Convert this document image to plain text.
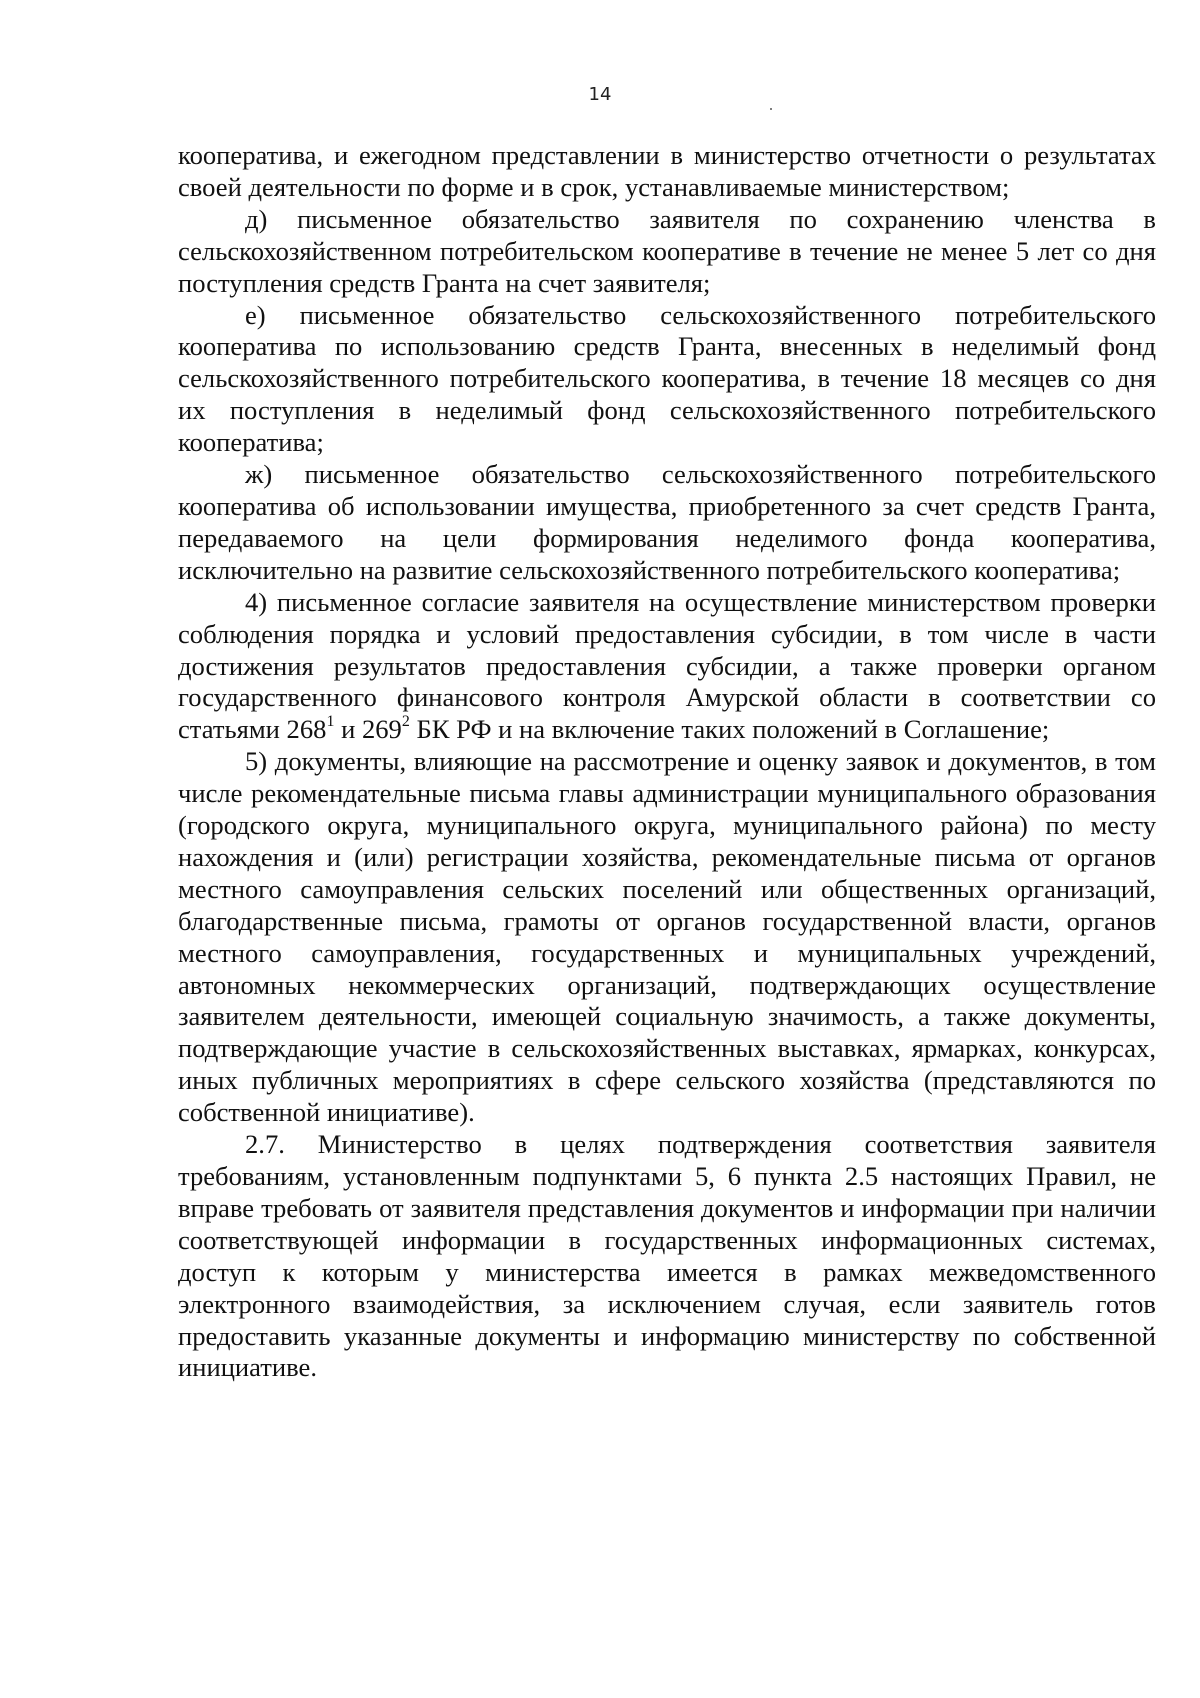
14

кооператива, и ежегодном представлении в министерство отчетности о результатах своей деятельности по форме и в срок, устанавливаемые министерством;

д) письменное обязательство заявителя по сохранению членства в сельскохозяйственном потребительском кооперативе в течение не менее 5 лет со дня поступления средств Гранта на счет заявителя;

е) письменное обязательство сельскохозяйственного потребительского кооператива по использованию средств Гранта, внесенных в неделимый фонд сельскохозяйственного потребительского кооператива, в течение 18 месяцев со дня их поступления в неделимый фонд сельскохозяйственного потребительского кооператива;

ж) письменное обязательство сельскохозяйственного потребительского кооператива об использовании имущества, приобретенного за счет средств Гранта, передаваемого на цели формирования неделимого фонда кооператива, исключительно на развитие сельскохозяйственного потребительского кооператива;

4) письменное согласие заявителя на осуществление министерством проверки соблюдения порядка и условий предоставления субсидии, в том числе в части достижения результатов предоставления субсидии, а также проверки органом государственного финансового контроля Амурской области в соответствии со статьями $268^1$ и $269^2$ БК РФ и на включение таких положений в Соглашение;

5) документы, влияющие на рассмотрение и оценку заявок и документов, в том числе рекомендательные письма главы администрации муниципального образования (городского округа, муниципального округа, муниципального района) по месту нахождения и (или) регистрации хозяйства, рекомендательные письма от органов местного самоуправления сельских поселений или общественных организаций, благодарственные письма, грамоты от органов государственной власти, органов местного самоуправления, государственных и муниципальных учреждений, автономных некоммерческих организаций, подтверждающих осуществление заявителем деятельности, имеющей социальную значимость, а также документы, подтверждающие участие в сельскохозяйственных выставках, ярмарках, конкурсах, иных публичных мероприятиях в сфере сельского хозяйства (представляются по собственной инициативе).

2.7. Министерство в целях подтверждения соответствия заявителя требованиям, установленным подпунктами 5, 6 пункта 2.5 настоящих Правил, не вправе требовать от заявителя представления документов и информации при наличии соответствующей информации в государственных информационных системах, доступ к которым у министерства имеется в рамках межведомственного электронного взаимодействия, за исключением случая, если заявитель готов предоставить указанные документы и информацию министерству по собственной инициативе.
